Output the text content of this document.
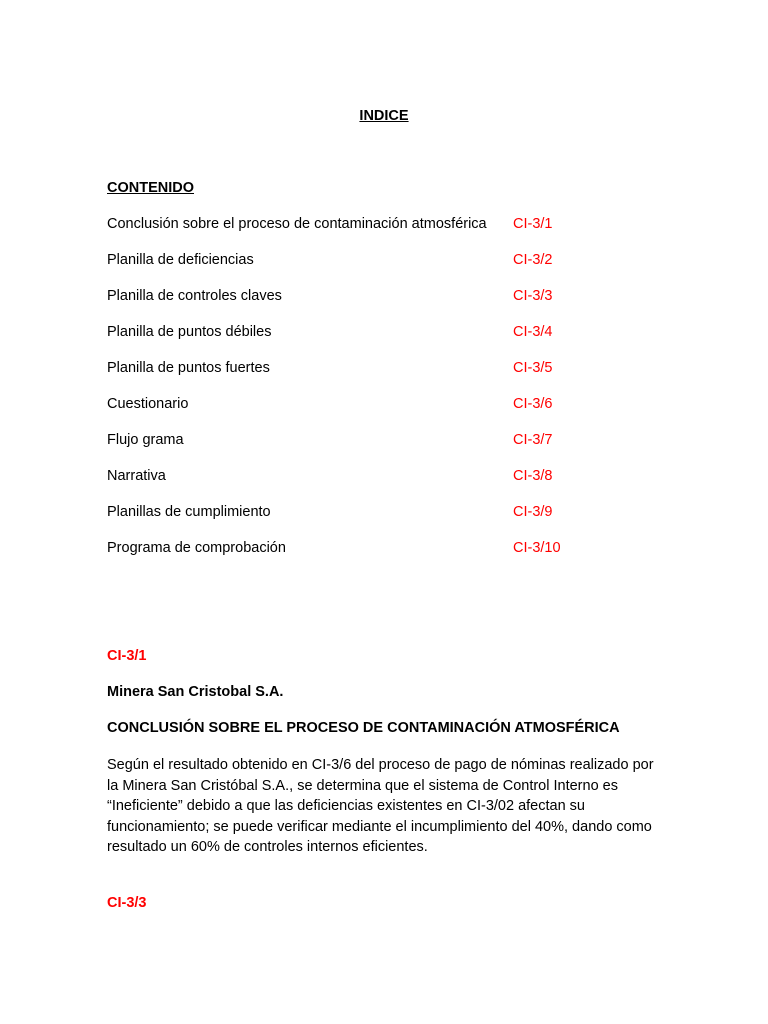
INDICE
CONTENIDO
Conclusión sobre el proceso de contaminación atmosférica	CI-3/1
Planilla de deficiencias	CI-3/2
Planilla de controles claves	CI-3/3
Planilla de puntos débiles	CI-3/4
Planilla de puntos fuertes	CI-3/5
Cuestionario	CI-3/6
Flujo grama	CI-3/7
Narrativa	CI-3/8
Planillas de cumplimiento	CI-3/9
Programa de comprobación	CI-3/10
CI-3/1
Minera San Cristobal S.A.
CONCLUSIÓN SOBRE EL PROCESO DE CONTAMINACIÓN ATMOSFÉRICA
Según el resultado obtenido en CI-3/6 del proceso de pago de nóminas realizado por la Minera San Cristóbal S.A., se determina que el sistema de Control Interno es “Ineficiente” debido a que las deficiencias existentes en CI-3/02 afectan su funcionamiento; se puede verificar mediante el incumplimiento del 40%, dando como resultado un 60% de controles internos eficientes.
CI-3/3
